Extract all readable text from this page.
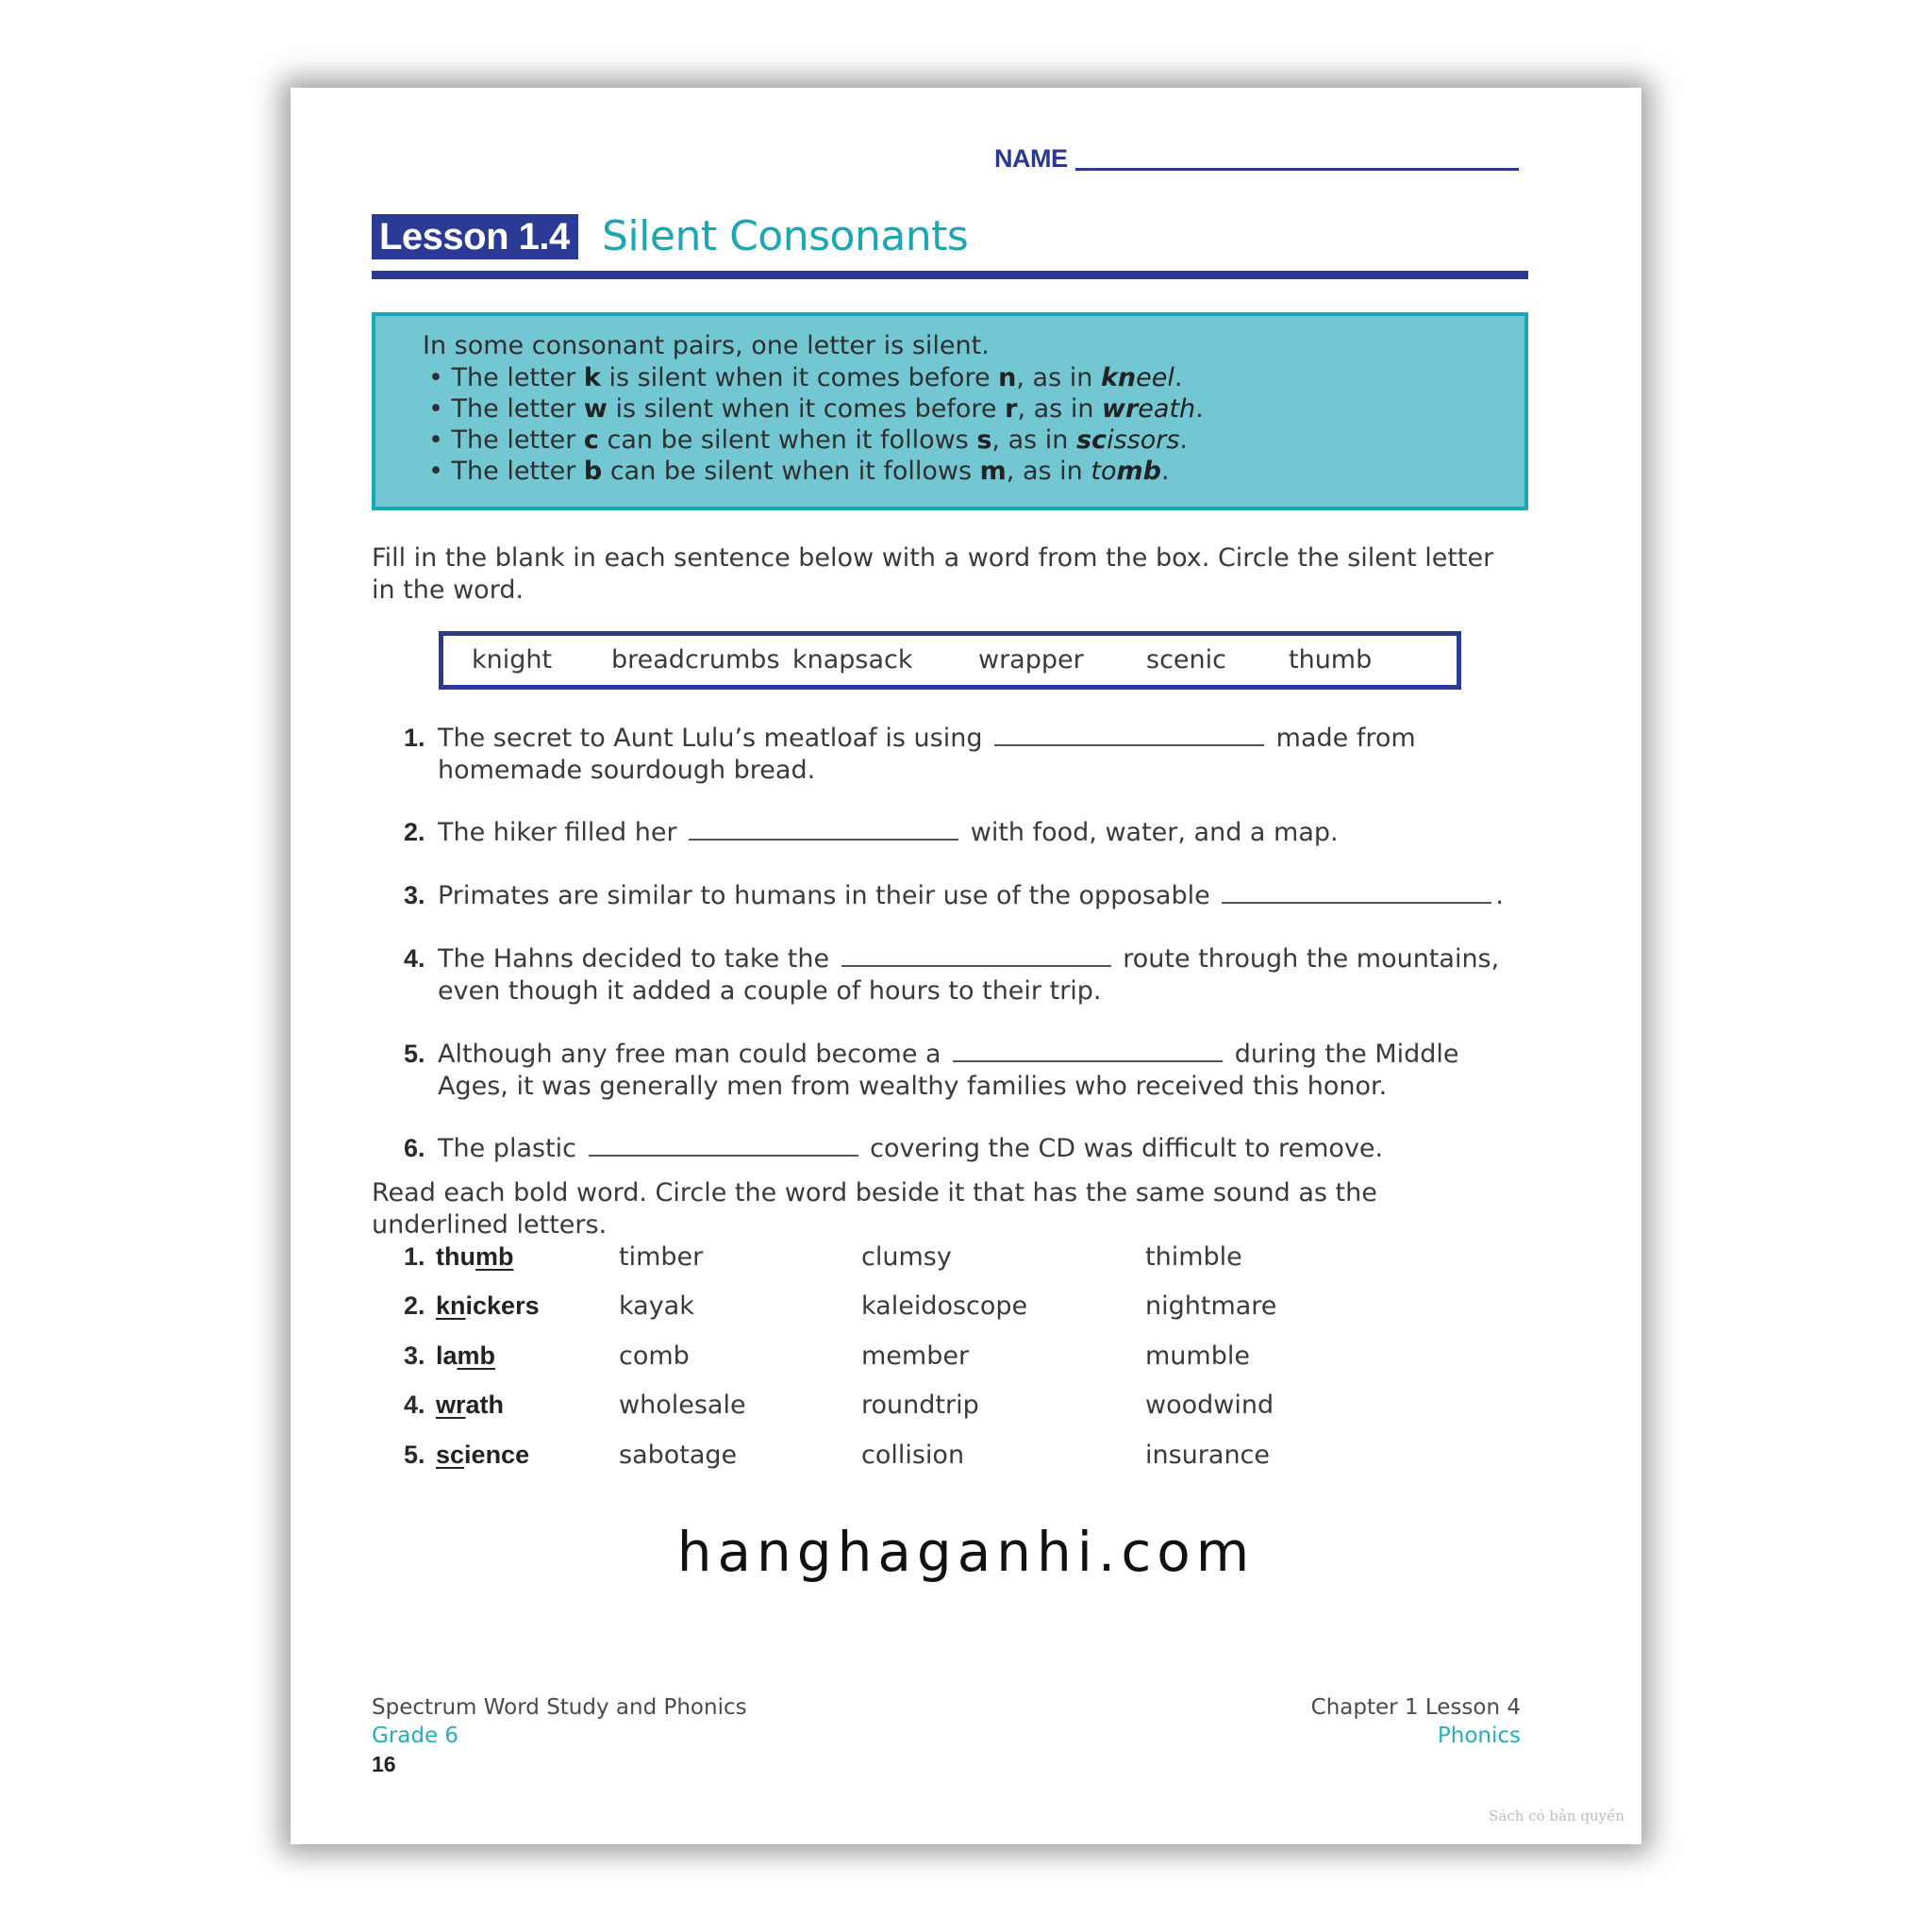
NAME
Lesson 1.4 Silent Consonants
In some consonant pairs, one letter is silent.
• The letter k is silent when it comes before n, as in kneel.
• The letter w is silent when it comes before r, as in wreath.
• The letter c can be silent when it follows s, as in scissors.
• The letter b can be silent when it follows m, as in tomb.
Fill in the blank in each sentence below with a word from the box. Circle the silent letter in the word.
knight breadcrumbs knapsack	wrapper scenic thumb
1. The secret to Aunt Lulu’s meatloaf is using	made from
homemade sourdough bread.
2. The hiker filled her	with food, water, and a map.
3. Primates are similar to humans in their use of the opposable	.
4. The Hahns decided to take the	route through the mountains,
even though it added a couple of hours to their trip.
5. Although any free man could become a	during the Middle
Ages, it was generally men from wealthy families who received this honor.
6. The plastic	covering the CD was difficult to remove.
Read each bold word. Circle the word beside it that has the same sound as the underlined letters.
1. thumb	timber	clumsy	thimble
2. knickers	kayak	kaleidoscope	nightmare
3. lamb	comb	member	mumble
4. wrath	wholesale	roundtrip	woodwind
5. science	sabotage	collision	insurance
hanghaganhi.com
Spectrum Word Study and Phonics
Grade 6
16
Chapter 1 Lesson 4
Phonics
Sách có bản quyền
